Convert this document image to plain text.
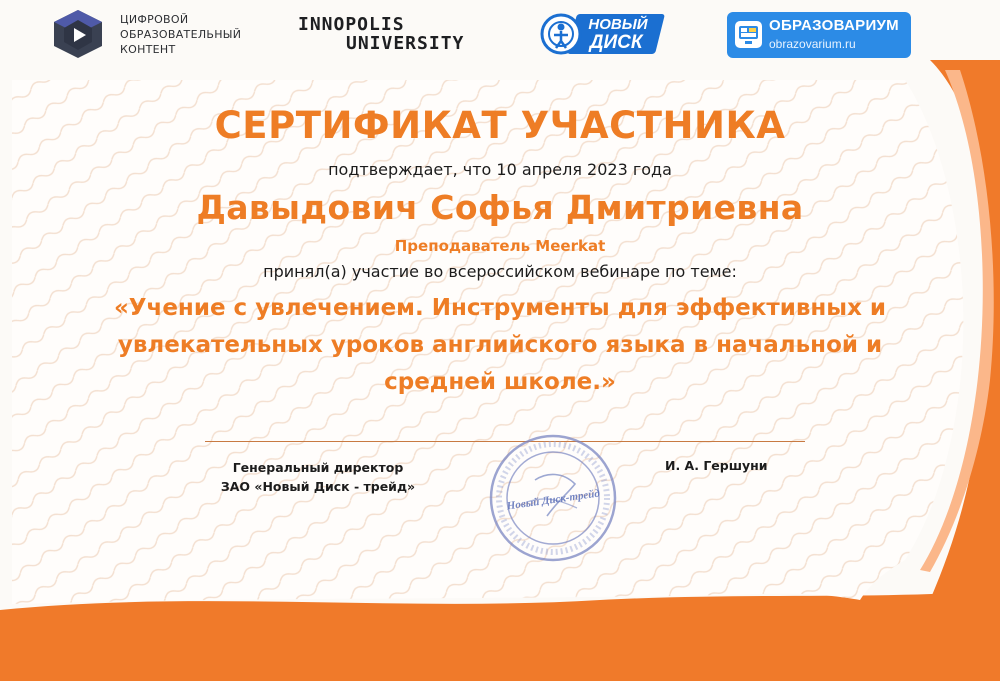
ЦИФРОВОЙ
ОБРАЗОВАТЕЛЬНЫЙ
КОНТЕНТ
INNOPOLIS
UNIVERSITY
НОВЫЙ
ДИСК
ОБРАЗОВАРИУМ
obrazovarium.ru
СЕРТИФИКАТ УЧАСТНИКА
подтверждает, что 10 апреля 2023 года
Давыдович Софья Дмитриевна
Преподаватель Meerkat
принял(а) участие во всероссийском вебинаре по теме:
«Учение с увлечением. Инструменты для эффективных и увлекательных уроков английского языка в начальной и средней школе.»
Генеральный директор
ЗАО «Новый Диск - трейд»
И. А. Гершуни
Новый Диск-трейд
